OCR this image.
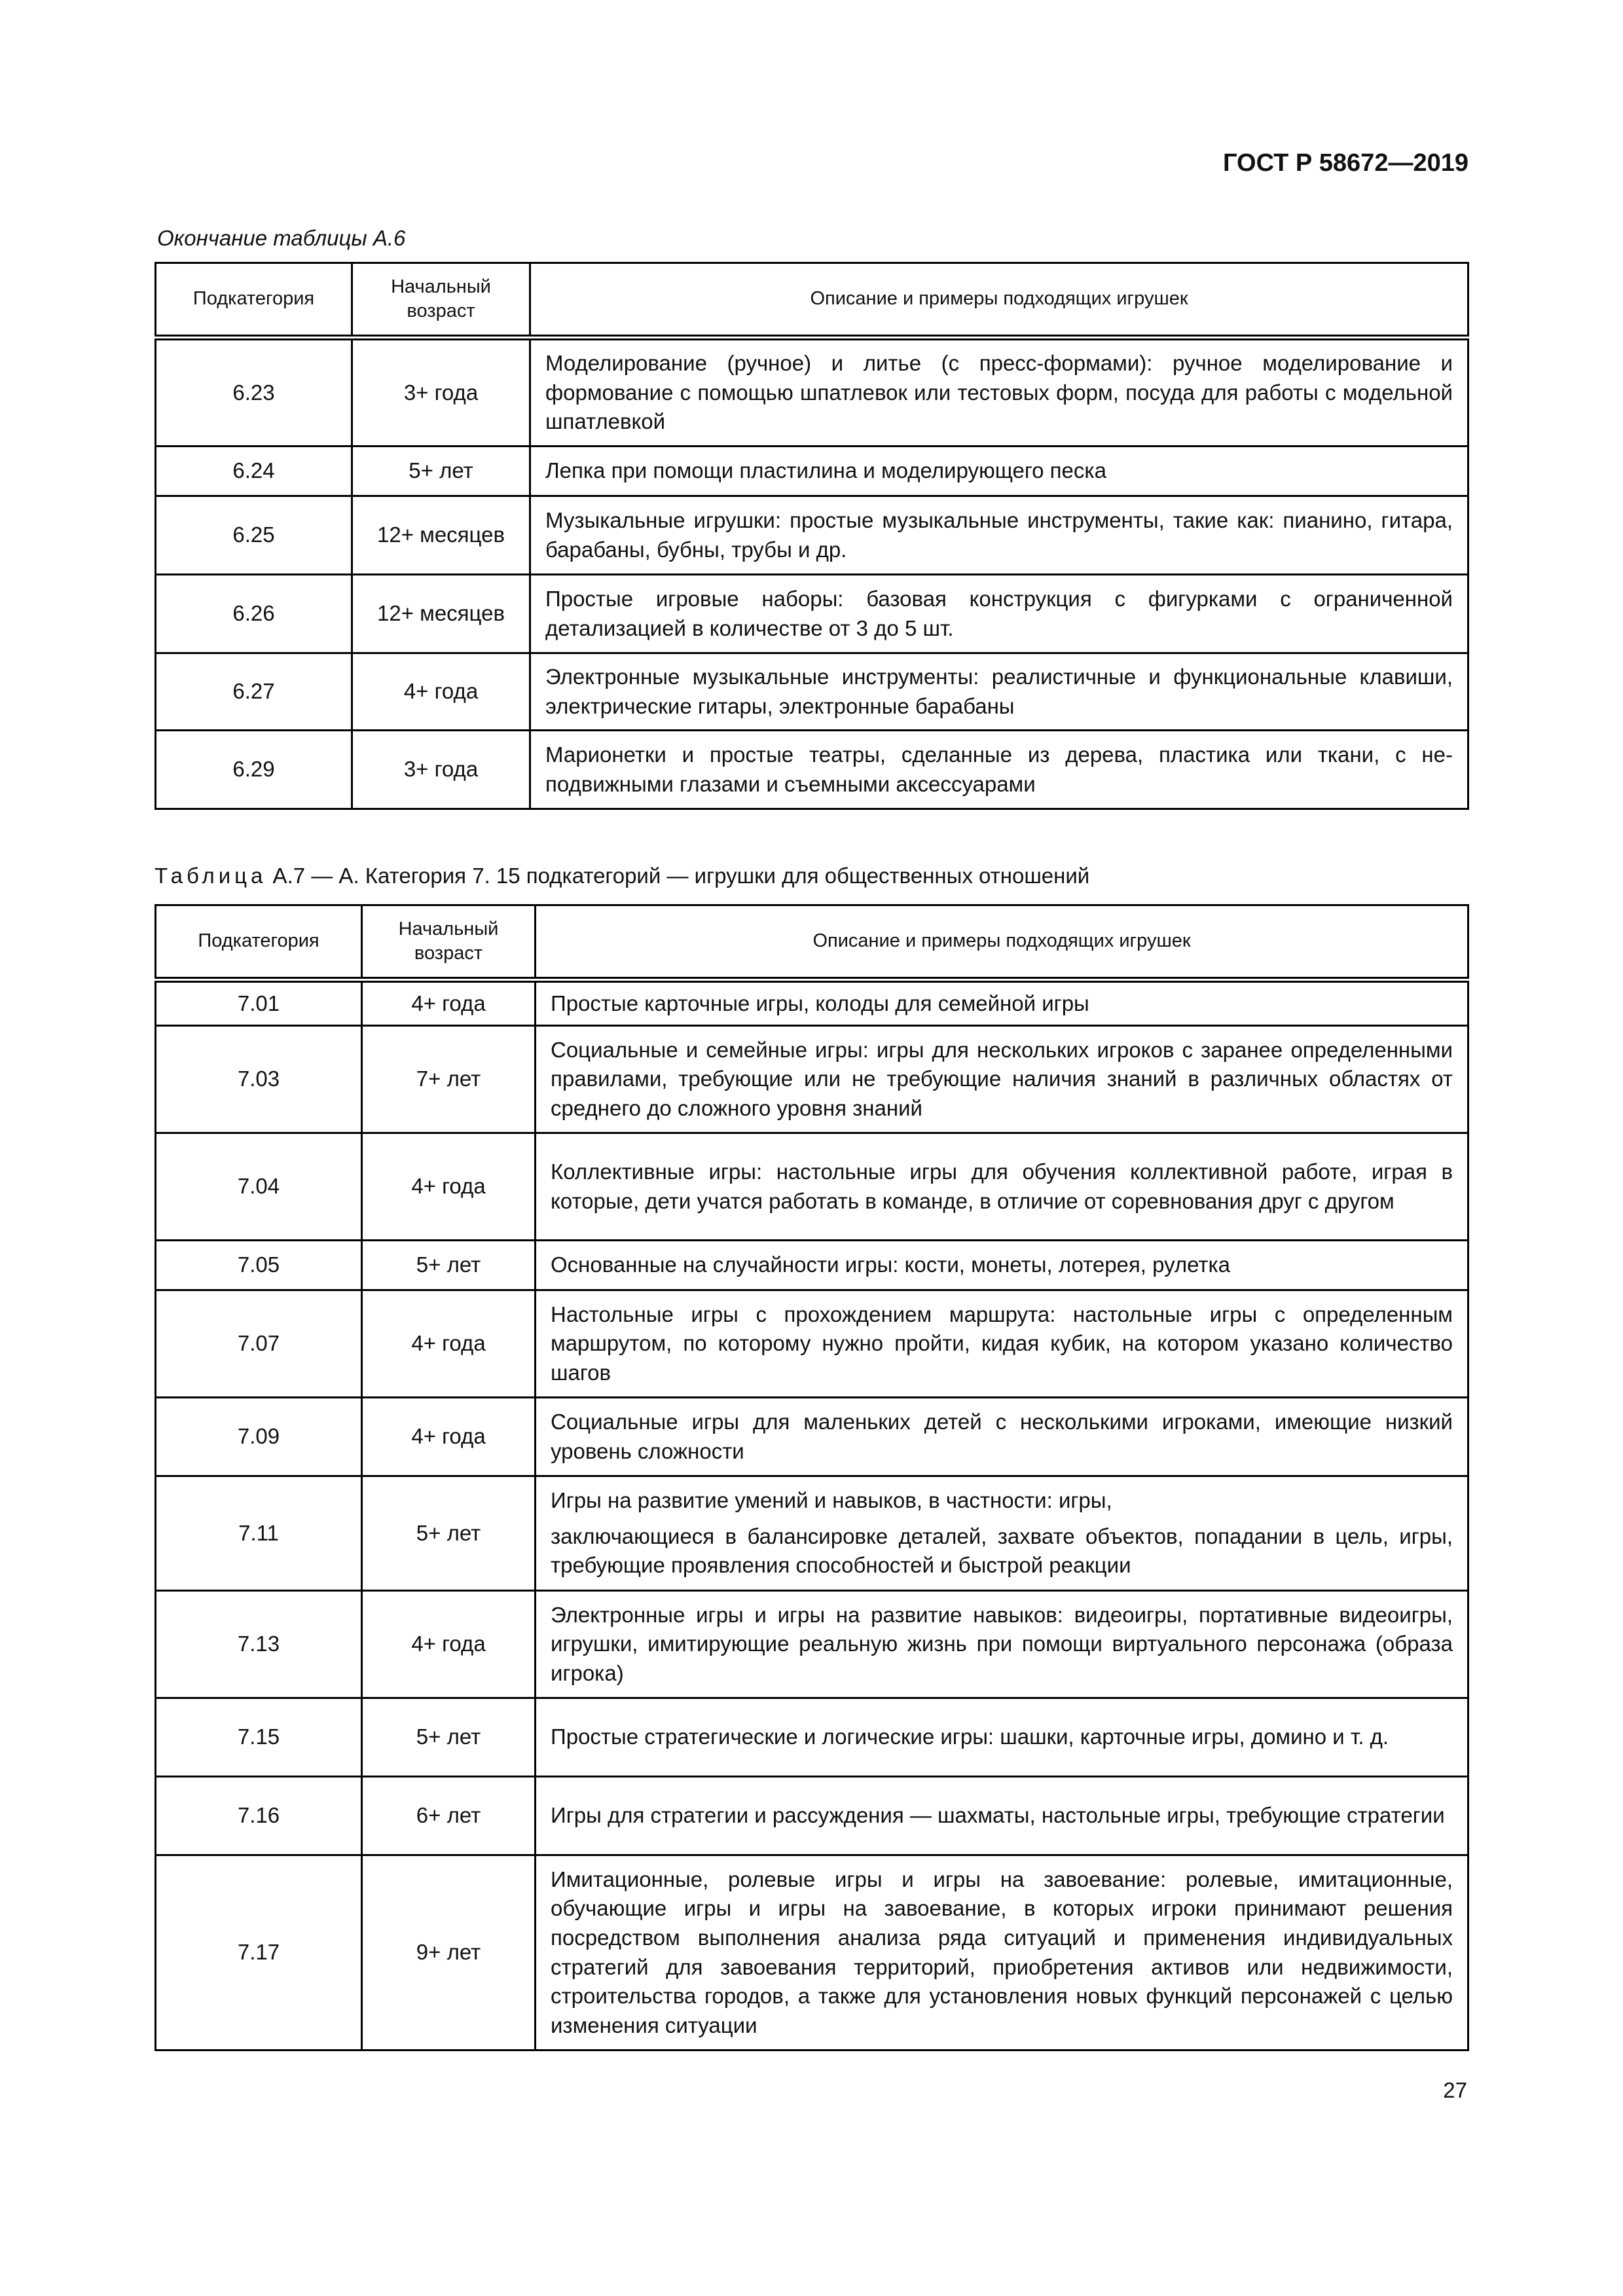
ГОСТ Р 58672—2019
Окончание таблицы А.6
Подкатегория	Начальный возраст	Описание и примеры подходящих игрушек
6.23	3+ года	Моделирование (ручное) и литье (с пресс-формами): ручное моделирование и формование с помощью шпатлевок или тестовых форм, посуда для работы с модельной шпатлевкой
6.24	5+ лет	Лепка при помощи пластилина и моделирующего песка
6.25	12+ месяцев	Музыкальные игрушки: простые музыкальные инструменты, такие как: пианино, гитара, барабаны, бубны, трубы и др.
6.26	12+ месяцев	Простые игровые наборы: базовая конструкция с фигурками с ограниченной детализацией в количестве от 3 до 5 шт.
6.27	4+ года	Электронные музыкальные инструменты: реалистичные и функциональные клавиши, электрические гитары, электронные барабаны
6.29	3+ года	Марионетки и простые театры, сделанные из дерева, пластика или ткани, с неподвижными глазами и съемными аксессуарами
Таблица А.7 — А. Категория 7. 15 подкатегорий — игрушки для общественных отношений
Подкатегория	Начальный возраст	Описание и примеры подходящих игрушек
7.01	4+ года	Простые карточные игры, колоды для семейной игры
7.03	7+ лет	Социальные и семейные игры: игры для нескольких игроков с заранее определенными правилами, требующие или не требующие наличия знаний в различных областях от среднего до сложного уровня знаний
7.04	4+ года	Коллективные игры: настольные игры для обучения коллективной работе, играя в которые, дети учатся работать в команде, в отличие от соревнования друг с другом
7.05	5+ лет	Основанные на случайности игры: кости, монеты, лотерея, рулетка
7.07	4+ года	Настольные игры с прохождением маршрута: настольные игры с определенным маршрутом, по которому нужно пройти, кидая кубик, на котором указано количество шагов
7.09	4+ года	Социальные игры для маленьких детей с несколькими игроками, имеющие низкий уровень сложности
7.11	5+ лет	Игры на развитие умений и навыков, в частности: игры,
заключающиеся в балансировке деталей, захвате объектов, попадании в цель, игры, требующие проявления способностей и быстрой реакции

7.13	4+ года	Электронные игры и игры на развитие навыков: видеоигры, портативные видеоигры, игрушки, имитирующие реальную жизнь при помощи виртуального персонажа (образа игрока)
7.15	5+ лет	Простые стратегические и логические игры: шашки, карточные игры, домино и т. д.
7.16	6+ лет	Игры для стратегии и рассуждения — шахматы, настольные игры, требующие стратегии
7.17	9+ лет	Имитационные, ролевые игры и игры на завоевание: ролевые, имитационные, обучающие игры и игры на завоевание, в которых игроки принимают решения посредством выполнения анализа ряда ситуаций и применения индивидуальных стратегий для завоевания территорий, приобретения активов или недвижимости, строительства городов, а также для установления новых функций персонажей с целью изменения ситуации
27
